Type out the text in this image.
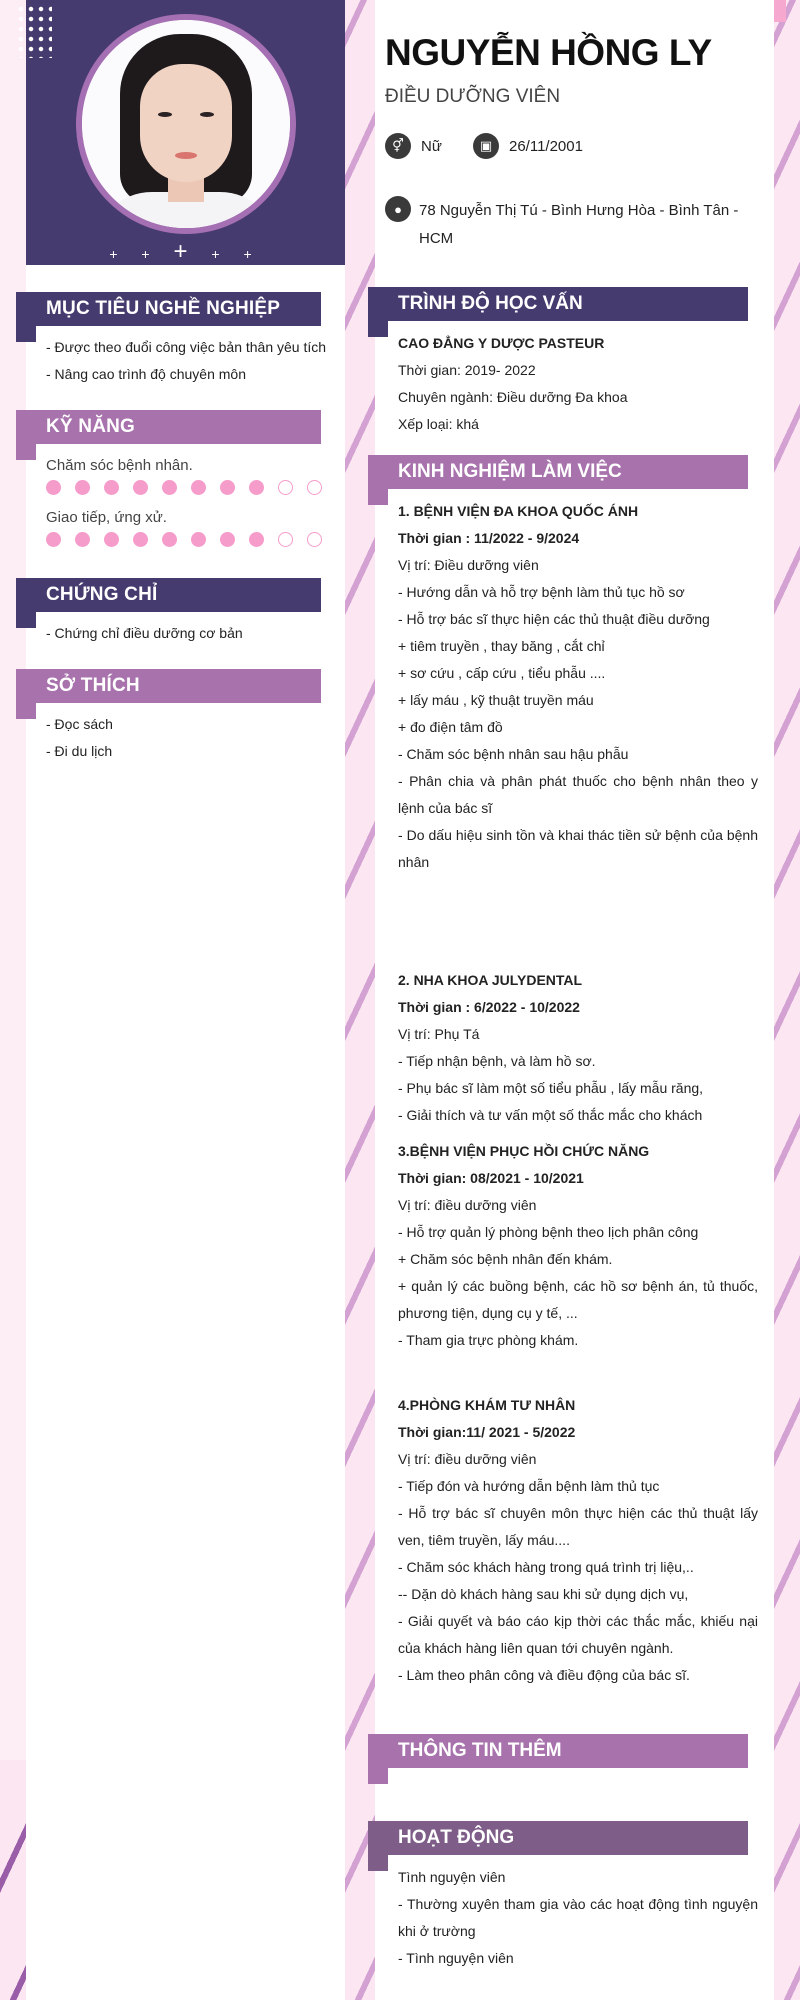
+ + + + +
MỤC TIÊU NGHỀ NGHIỆP
- Được theo đuổi công việc bản thân yêu tích
- Nâng cao trình độ chuyên môn
KỸ NĂNG
Chăm sóc bệnh nhân.
Giao tiếp, ứng xử.
CHỨNG CHỈ
- Chứng chỉ điều dưỡng cơ bản
SỞ THÍCH
- Đọc sách
- Đi du lịch
NGUYỄN HỒNG LY
ĐIỀU DƯỠNG VIÊN
⚥	Nữ	▣	26/11/2001
●	78 Nguyễn Thị Tú - Bình Hưng Hòa - Bình Tân - HCM
TRÌNH ĐỘ HỌC VẤN

CAO ĐẲNG Y DƯỢC PASTEUR

Thời gian: 2019- 2022

Chuyên ngành: Điều dưỡng Đa khoa

Xếp loại: khá

KINH NGHIỆM LÀM VIỆC

1. BỆNH VIỆN ĐA KHOA QUỐC ÁNH

Thời gian : 11/2022 - 9/2024

Vị trí: Điều dưỡng viên

- Hướng dẫn và hỗ trợ bệnh làm thủ tục hồ sơ

- Hỗ trợ bác sĩ thực hiện các thủ thuật điều dưỡng

+ tiêm truyền , thay băng , cắt chỉ

+ sơ cứu , cấp cứu , tiểu phẫu ....

+ lấy máu , kỹ thuật truyền máu

+ đo điện tâm đồ

- Chăm sóc bệnh nhân sau hậu phẫu

- Phân chia và phân phát thuốc cho bệnh nhân theo y lệnh của bác sĩ

- Do dấu hiệu sinh tồn và khai thác tiền sử bệnh của bệnh nhân

2. NHA KHOA JULYDENTAL

Thời gian : 6/2022 - 10/2022

Vị trí: Phụ Tá

- Tiếp nhận bệnh, và làm hồ sơ.

- Phụ bác sĩ làm một số tiểu phẫu , lấy mẫu răng,

- Giải thích và tư vấn một số thắc mắc cho khách

3.BỆNH VIỆN PHỤC HỒI CHỨC NĂNG

Thời gian: 08/2021 - 10/2021

Vị trí: điều dưỡng viên

- Hỗ trợ quản lý phòng bệnh theo lịch phân công

+ Chăm sóc bệnh nhân đến khám.

+ quản lý các buồng bệnh, các hồ sơ bệnh án, tủ thuốc, phương tiện, dụng cụ y tế, ...

- Tham gia trực phòng khám.

4.PHÒNG KHÁM TƯ NHÂN

Thời gian:11/ 2021 - 5/2022

Vị trí: điều dưỡng viên

- Tiếp đón và hướng dẫn bệnh làm thủ tục

- Hỗ trợ bác sĩ chuyên môn thực hiện các thủ thuật lấy ven, tiêm truyền, lấy máu....

- Chăm sóc khách hàng trong quá trình trị liệu,..

-- Dặn dò khách hàng sau khi sử dụng dịch vụ,

- Giải quyết và báo cáo kịp thời các thắc mắc, khiếu nại của khách hàng liên quan tới chuyên ngành.

- Làm theo phân công và điều động của bác sĩ.

THÔNG TIN THÊM
HOẠT ĐỘNG

Tình nguyện viên

- Thường xuyên tham gia vào các hoạt động tình nguyện khi ở trường

- Tình nguyện viên
